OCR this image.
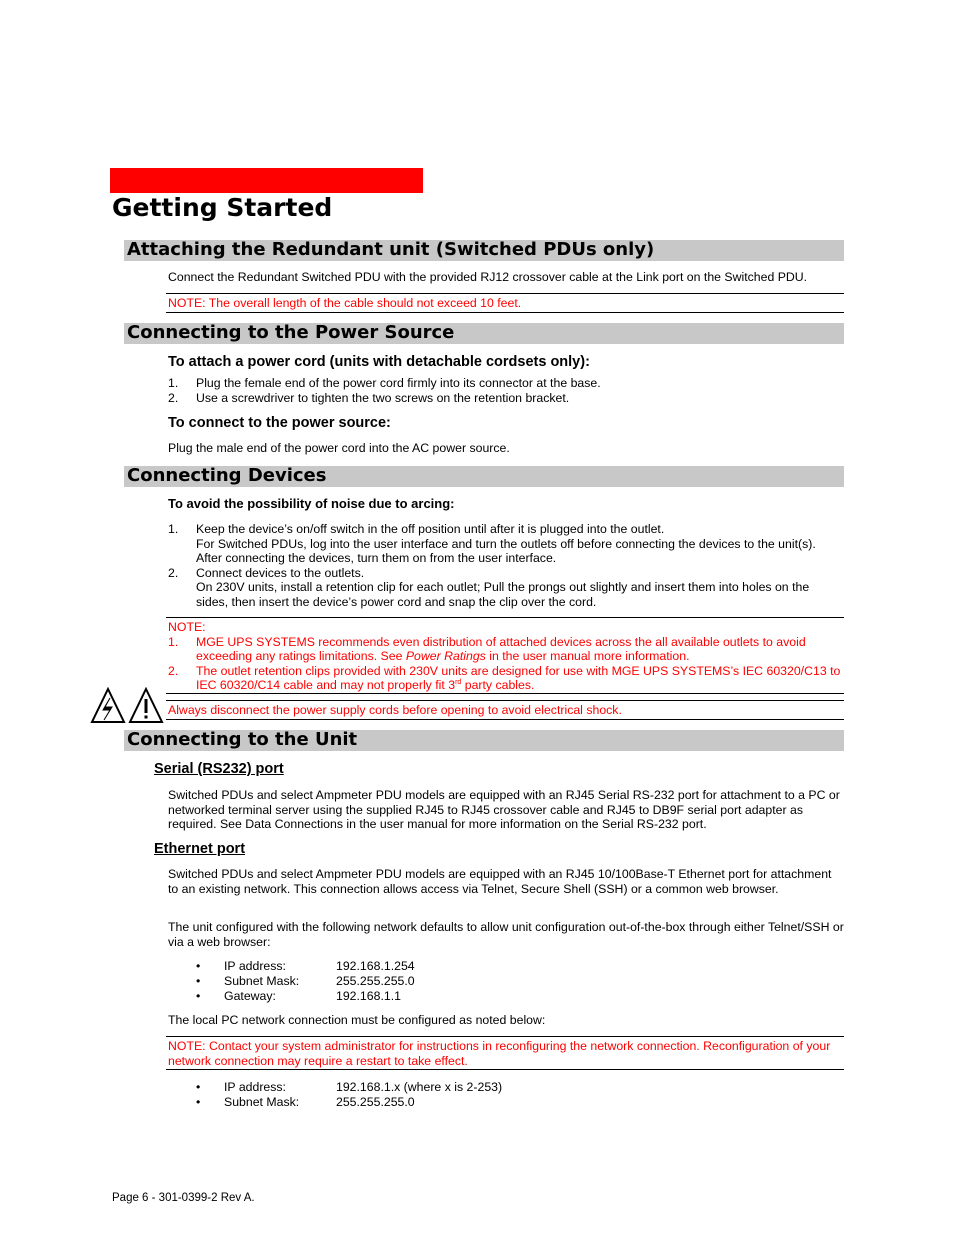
Getting Started
Attaching the Redundant unit (Switched PDUs only)
Connect the Redundant Switched PDU with the provided RJ12 crossover cable at the Link port on the Switched PDU.
NOTE: The overall length of the cable should not exceed 10 feet.
Connecting to the Power Source
To attach a power cord (units with detachable cordsets only):
1. Plug the female end of the power cord firmly into its connector at the base.
2. Use a screwdriver to tighten the two screws on the retention bracket.
To connect to the power source:
Plug the male end of the power cord into the AC power source.
Connecting Devices
To avoid the possibility of noise due to arcing:
1. Keep the device’s on/off switch in the off position until after it is plugged into the outlet.
For Switched PDUs, log into the user interface and turn the outlets off before connecting the devices to the unit(s).
After connecting the devices, turn them on from the user interface.
2. Connect devices to the outlets.
On 230V units, install a retention clip for each outlet; Pull the prongs out slightly and insert them into holes on the sides, then insert the device’s power cord and snap the clip over the cord.
NOTE:
1. MGE UPS SYSTEMS recommends even distribution of attached devices across the all available outlets to avoid exceeding any ratings limitations. See Power Ratings in the user manual more information.
2. The outlet retention clips provided with 230V units are designed for use with MGE UPS SYSTEMS’s IEC 60320/C13 to IEC 60320/C14 cable and may not properly fit 3rd party cables.
Always disconnect the power supply cords before opening to avoid electrical shock.
Connecting to the Unit
Serial (RS232) port
Switched PDUs and select Ampmeter PDU models are equipped with an RJ45 Serial RS-232 port for attachment to a PC or networked terminal server using the supplied RJ45 to RJ45 crossover cable and RJ45 to DB9F serial port adapter as required. See Data Connections in the user manual for more information on the Serial RS-232 port.
Ethernet port
Switched PDUs and select Ampmeter PDU models are equipped with an RJ45 10/100Base-T Ethernet port for attachment to an existing network. This connection allows access via Telnet, Secure Shell (SSH) or a common web browser.
The unit configured with the following network defaults to allow unit configuration out-of-the-box through either Telnet/SSH or via a web browser:
• IP address:	192.168.1.254
• Subnet Mask:	255.255.255.0
• Gateway:	192.168.1.1
The local PC network connection must be configured as noted below:
NOTE: Contact your system administrator for instructions in reconfiguring the network connection. Reconfiguration of your network connection may require a restart to take effect.
• IP address:	192.168.1.x (where x is 2-253)
• Subnet Mask:	255.255.255.0
Page 6 - 301-0399-2 Rev A.
